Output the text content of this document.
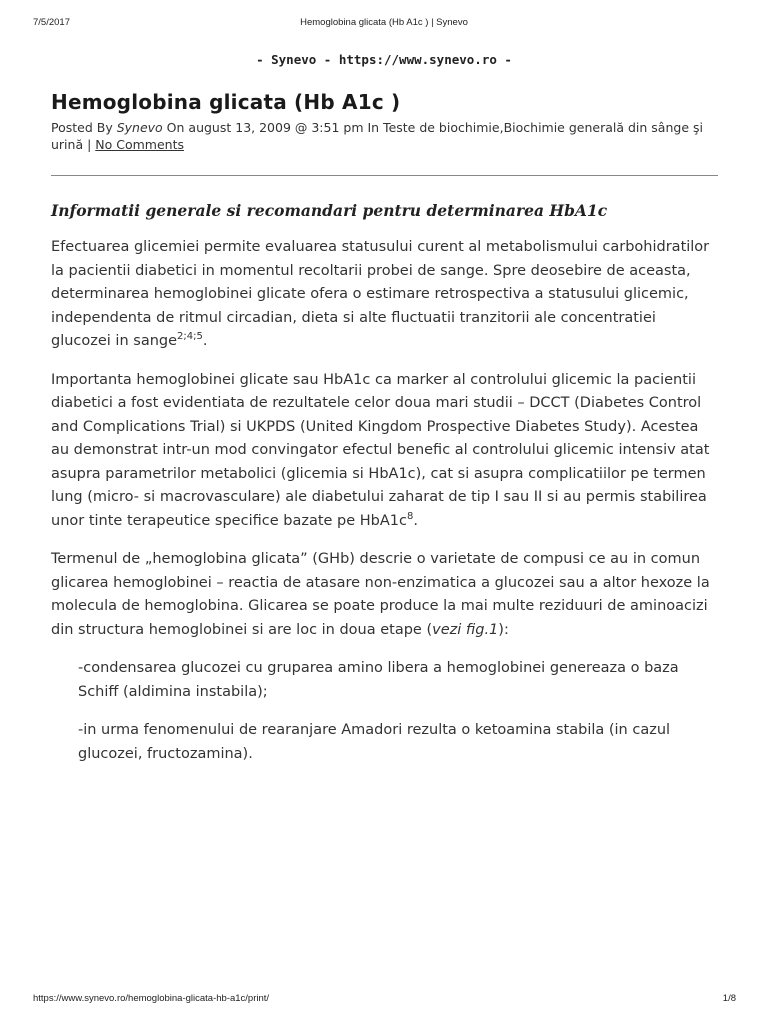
7/5/2017	Hemoglobina glicata (Hb A1c ) | Synevo
- Synevo - https://www.synevo.ro -
Hemoglobina glicata (Hb A1c )
Posted By Synevo On august 13, 2009 @ 3:51 pm In Teste de biochimie,Biochimie generală din sânge şi urină | No Comments
Informatii generale si recomandari pentru determinarea HbA1c

Efectuarea glicemiei permite evaluarea statusului curent al metabolismului carbohidratilor la pacientii diabetici in momentul recoltarii probei de sange. Spre deosebire de aceasta, determinarea hemoglobinei glicate ofera o estimare retrospectiva a statusului glicemic, independenta de ritmul circadian, dieta si alte fluctuatii tranzitorii ale concentratiei glucozei in sange$^{2;4;5}$.

Importanta hemoglobinei glicate sau HbA1c ca marker al controlului glicemic la pacientii diabetici a fost evidentiata de rezultatele celor doua mari studii – DCCT (Diabetes Control and Complications Trial) si UKPDS (United Kingdom Prospective Diabetes Study). Acestea au demonstrat intr-un mod convingator efectul benefic al controlului glicemic intensiv atat asupra parametrilor metabolici (glicemia si HbA1c), cat si asupra complicatiilor pe termen lung (micro- si macrovasculare) ale diabetului zaharat de tip I sau II si au permis stabilirea unor tinte terapeutice specifice bazate pe $HbA1c^8$.

Termenul de „hemoglobina glicata” (GHb) descrie o varietate de compusi ce au in comun glicarea hemoglobinei – reactia de atasare non-enzimatica a glucozei sau a altor hexoze la molecula de hemoglobina. Glicarea se poate produce la mai multe reziduuri de aminoacizi din structura hemoglobinei si are loc in doua etape (vezi fig.1):

-condensarea glucozei cu gruparea amino libera a hemoglobinei genereaza o baza Schiff (aldimina instabila);

-in urma fenomenului de rearanjare Amadori rezulta o ketoamina stabila (in cazul glucozei, fructozamina).

https://www.synevo.ro/hemoglobina-glicata-hb-a1c/print/	1/8
